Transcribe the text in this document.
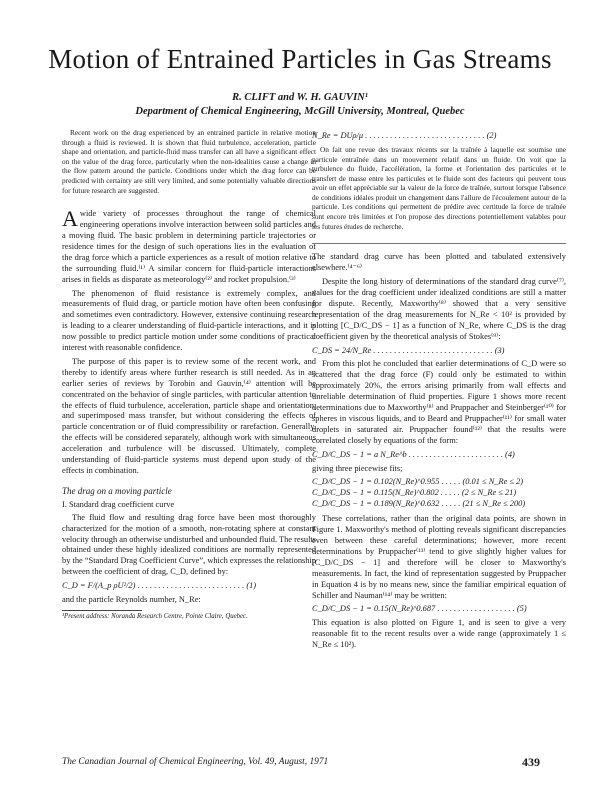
Motion of Entrained Particles in Gas Streams
R. CLIFT and W. H. GAUVIN¹
Department of Chemical Engineering, McGill University, Montreal, Quebec

Recent work on the drag experienced by an entrained particle in relative motion through a fluid is reviewed. It is shown that fluid turbulence, acceleration, particle shape and orientation, and particle-fluid mass transfer can all have a significant effect on the value of the drag force, particularly when the non-idealities cause a change in the flow pattern around the particle. Conditions under which the drag force can be predicted with certainty are still very limited, and some potentially valuable directions for future research are suggested.

Awide variety of processes throughout the range of chemical engineering operations involve interaction between solid particles and a moving fluid. The basic problem in determining particle trajectories or residence times for the design of such operations lies in the evaluation of the drag force which a particle experiences as a result of motion relative to the surrounding fluid.⁽¹⁾ A similar concern for fluid-particle interactions arises in fields as disparate as meteorology⁽²⁾ and rocket propulsion.⁽³⁾

The phenomenon of fluid resistance is extremely complex, and measurements of fluid drag, or particle motion have often been confusing and sometimes even contradictory. However, extensive continuing research is leading to a clearer understanding of fluid-particle interactions, and it is now possible to predict particle motion under some conditions of practical interest with reasonable confidence.

The purpose of this paper is to review some of the recent work, and thereby to identify areas where further research is still needed. As in an earlier series of reviews by Torobin and Gauvin,⁽⁴⁾ attention will be concentrated on the behavior of single particles, with particular attention to the effects of fluid turbulence, acceleration, particle shape and orientation, and superimposed mass transfer, but without considering the effects of particle concentration or of fluid compressibility or rarefaction. Generally, the effects will be considered separately, although work with simultaneous acceleration and turbulence will be discussed. Ultimately, complete understanding of fluid-particle systems must depend upon study of the effects in combination.

The drag on a moving particle
I. Standard drag coefficient curve

The fluid flow and resulting drag force have been most thoroughly characterized for the motion of a smooth, non-rotating sphere at constant velocity through an otherwise undisturbed and unbounded fluid. The results obtained under these highly idealized conditions are normally represented by the “Standard Drag Coefficient Curve”, which expresses the relationship between the coefficient of drag, C_D, defined by:

C_D = F/(A_p ρU²/2) . . . . . . . . . . . . . . . . . . . . . . . . . . (1)

and the particle Reynolds number, N_Re:

¹Present address: Noranda Research Centre, Pointe Claire, Quebec.
N_Re = DUρ/μ . . . . . . . . . . . . . . . . . . . . . . . . . . . . . (2)

On fait une revue des travaux récents sur la traînée à laquelle est soumise une particule entraînée dans un mouvement relatif dans un fluide. On voit que la turbulence du fluide, l'accélération, la forme et l'orientation des particules et le transfert de masse entre les particules et le fluide sont des facteurs qui peuvent tous avoir un effet appréciable sur la valeur de la force de traînée, surtout lorsque l'absence de conditions idéales produit un changement dans l'allure de l'écoulement autour de la particule. Les conditions qui permettent de prédire avec certitude la force de traînée sont encore très limitées et l'on propose des directions potentiellement valables pour les futures études de recherche.

The standard drag curve has been plotted and tabulated extensively elsewhere.⁽⁴⁻⁶⁾

Despite the long history of determinations of the standard drag curve⁽⁷⁾, values for the drag coefficient under idealized conditions are still a matter for dispute. Recently, Maxworthy⁽⁸⁾ showed that a very sensitive representation of the drag measurements for N_Re < 10² is provided by plotting [C_D/C_DS − 1] as a function of N_Re, where C_DS is the drag coefficient given by the theoretical analysis of Stokes⁽⁹⁾:

C_DS = 24/N_Re . . . . . . . . . . . . . . . . . . . . . . . . . . . . . (3)

From this plot he concluded that earlier determinations of C_D were so scattered that the drag force (F) could only be estimated to within approximately 20%, the errors arising primarily from wall effects and unreliable determination of fluid properties. Figure 1 shows more recent determinations due to Maxworthy⁽⁸⁾ and Pruppacher and Steinberger⁽¹⁰⁾ for spheres in viscous liquids, and to Beard and Pruppacher⁽¹¹⁾ for small water droplets in saturated air. Pruppacher found⁽¹²⁾ that the results were correlated closely by equations of the form:

C_D/C_DS − 1 = a N_Re^b . . . . . . . . . . . . . . . . . . . . . . . (4)

giving three piecewise fits;

C_D/C_DS − 1 = 0.102(N_Re)^0.955 . . . . . (0.01 ≤ N_Re ≤ 2)
C_D/C_DS − 1 = 0.115(N_Re)^0.802 . . . . . (2 ≤ N_Re ≤ 21)
C_D/C_DS − 1 = 0.189(N_Re)^0.632 . . . . . (21 ≤ N_Re ≤ 200)

These correlations, rather than the original data points, are shown in Figure 1. Maxworthy's method of plotting reveals significant discrepancies even between these careful determinations; however, more recent determinations by Pruppacher⁽¹³⁾ tend to give slightly higher values for [C_D/C_DS − 1] and therefore will be closer to Maxworthy's measurements. In fact, the kind of representation suggested by Pruppacher in Equation 4 is by no means new, since the familiar empirical equation of Schiller and Nauman⁽¹⁴⁾ may be written:

C_D/C_DS − 1 = 0.15(N_Re)^0.687 . . . . . . . . . . . . . . . . . . . (5)

This equation is also plotted on Figure 1, and is seen to give a very reasonable fit to the recent results over a wide range (approximately 1 ≤ N_Re ≤ 10²).

The Canadian Journal of Chemical Engineering, Vol. 49, August, 1971	439
